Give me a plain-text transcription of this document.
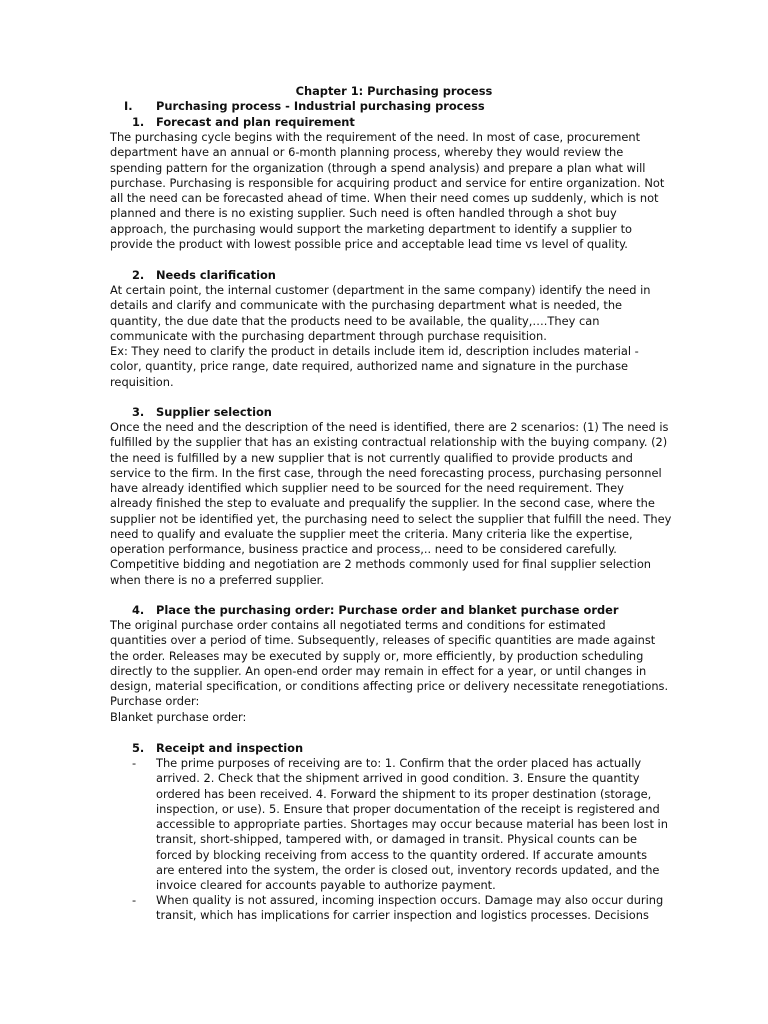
Chapter 1: Purchasing process
I. Purchasing process - Industrial purchasing process
1. Forecast and plan requirement
The purchasing cycle begins with the requirement of the need. In most of case, procurement
department have an annual or 6-month planning process, whereby they would review the
spending pattern for the organization (through a spend analysis) and prepare a plan what will
purchase. Purchasing is responsible for acquiring product and service for entire organization. Not
all the need can be forecasted ahead of time. When their need comes up suddenly, which is not
planned and there is no existing supplier. Such need is often handled through a shot buy
approach, the purchasing would support the marketing department to identify a supplier to
provide the product with lowest possible price and acceptable lead time vs level of quality.
2. Needs clarification
At certain point, the internal customer (department in the same company) identify the need in
details and clarify and communicate with the purchasing department what is needed, the
quantity, the due date that the products need to be available, the quality,….They can
communicate with the purchasing department through purchase requisition.
Ex: They need to clarify the product in details include item id, description includes material -
color, quantity, price range, date required, authorized name and signature in the purchase
requisition.
3. Supplier selection
Once the need and the description of the need is identified, there are 2 scenarios: (1) The need is
fulfilled by the supplier that has an existing contractual relationship with the buying company. (2)
the need is fulfilled by a new supplier that is not currently qualified to provide products and
service to the firm. In the first case, through the need forecasting process, purchasing personnel
have already identified which supplier need to be sourced for the need requirement. They
already finished the step to evaluate and prequalify the supplier. In the second case, where the
supplier not be identified yet, the purchasing need to select the supplier that fulfill the need. They
need to qualify and evaluate the supplier meet the criteria. Many criteria like the expertise,
operation performance, business practice and process,.. need to be considered carefully.
Competitive bidding and negotiation are 2 methods commonly used for final supplier selection
when there is no a preferred supplier.
4. Place the purchasing order: Purchase order and blanket purchase order
The original purchase order contains all negotiated terms and conditions for estimated
quantities over a period of time. Subsequently, releases of specific quantities are made against
the order. Releases may be executed by supply or, more efficiently, by production scheduling
directly to the supplier. An open-end order may remain in effect for a year, or until changes in
design, material specification, or conditions affecting price or delivery necessitate renegotiations.
Purchase order:
Blanket purchase order:
5. Receipt and inspection
- The prime purposes of receiving are to: 1. Confirm that the order placed has actually
arrived. 2. Check that the shipment arrived in good condition. 3. Ensure the quantity
ordered has been received. 4. Forward the shipment to its proper destination (storage,
inspection, or use). 5. Ensure that proper documentation of the receipt is registered and
accessible to appropriate parties. Shortages may occur because material has been lost in
transit, short-shipped, tampered with, or damaged in transit. Physical counts can be
forced by blocking receiving from access to the quantity ordered. If accurate amounts
are entered into the system, the order is closed out, inventory records updated, and the
invoice cleared for accounts payable to authorize payment.
- When quality is not assured, incoming inspection occurs. Damage may also occur during
transit, which has implications for carrier inspection and logistics processes. Decisions
